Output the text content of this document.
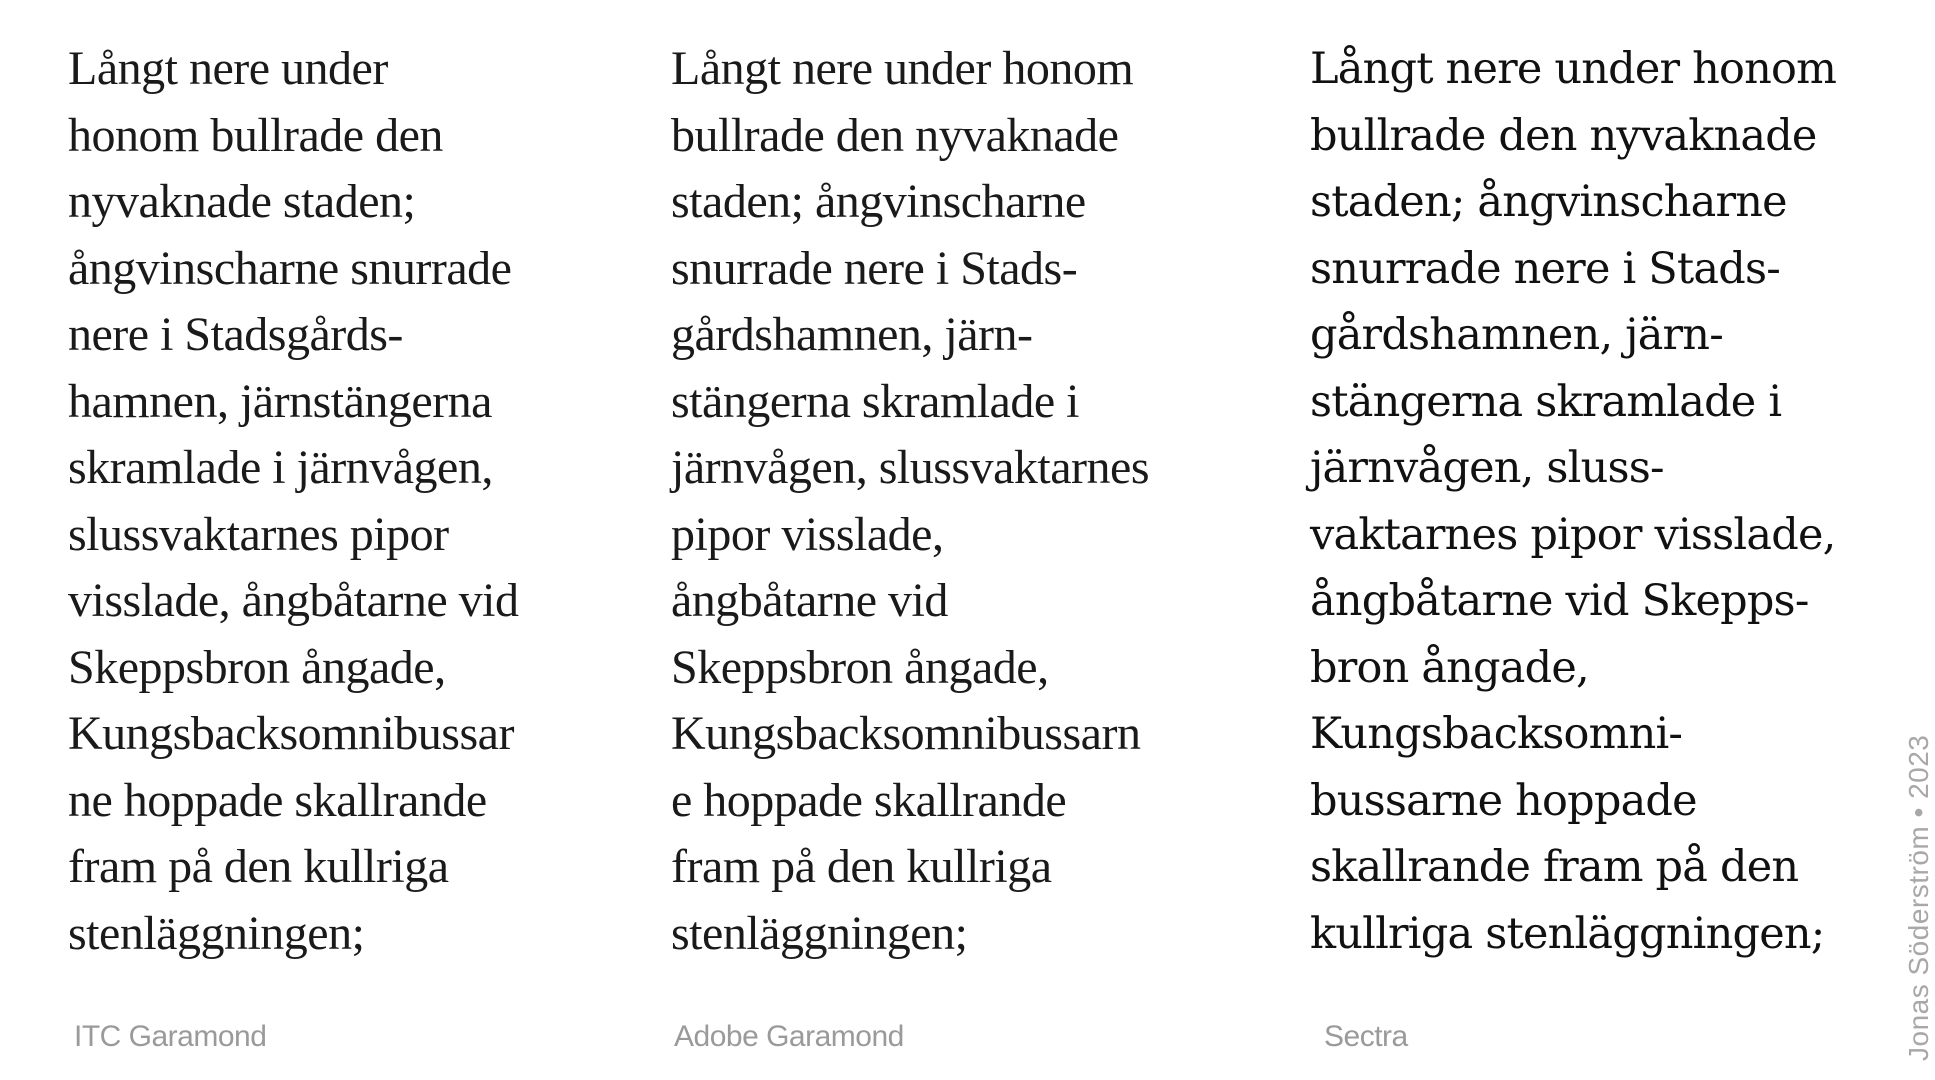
Långt nere under
honom bullrade den
nyvaknade staden;
ångvinscharne snurrade
nere i Stadsgårds-
hamnen, järnstängerna
skramlade i järnvågen,
slussvaktarnes pipor
visslade, ångbåtarne vid
Skeppsbron ångade,
Kungsbacksomnibussar
ne hoppade skallrande
fram på den kullriga
stenläggningen;
Långt nere under honom
bullrade den nyvaknade
staden; ångvinscharne
snurrade nere i Stads-
gårdshamnen, järn-
stängerna skramlade i
järnvågen, slussvaktarnes
pipor visslade,
ångbåtarne vid
Skeppsbron ångade,
Kungsbacksomnibussarn
e hoppade skallrande
fram på den kullriga
stenläggningen;
Långt nere under honom
bullrade den nyvaknade
staden; ångvinscharne
snurrade nere i Stads-
gårdshamnen, järn-
stängerna skramlade i
järnvågen, sluss-
vaktarnes pipor visslade,
ångbåtarne vid Skepps-
bron ångade,
Kungsbacksomni-
bussarne hoppade
skallrande fram på den
kullriga stenläggningen;
ITC Garamond	Adobe Garamond	Sectra	Jonas Söderström • 2023
